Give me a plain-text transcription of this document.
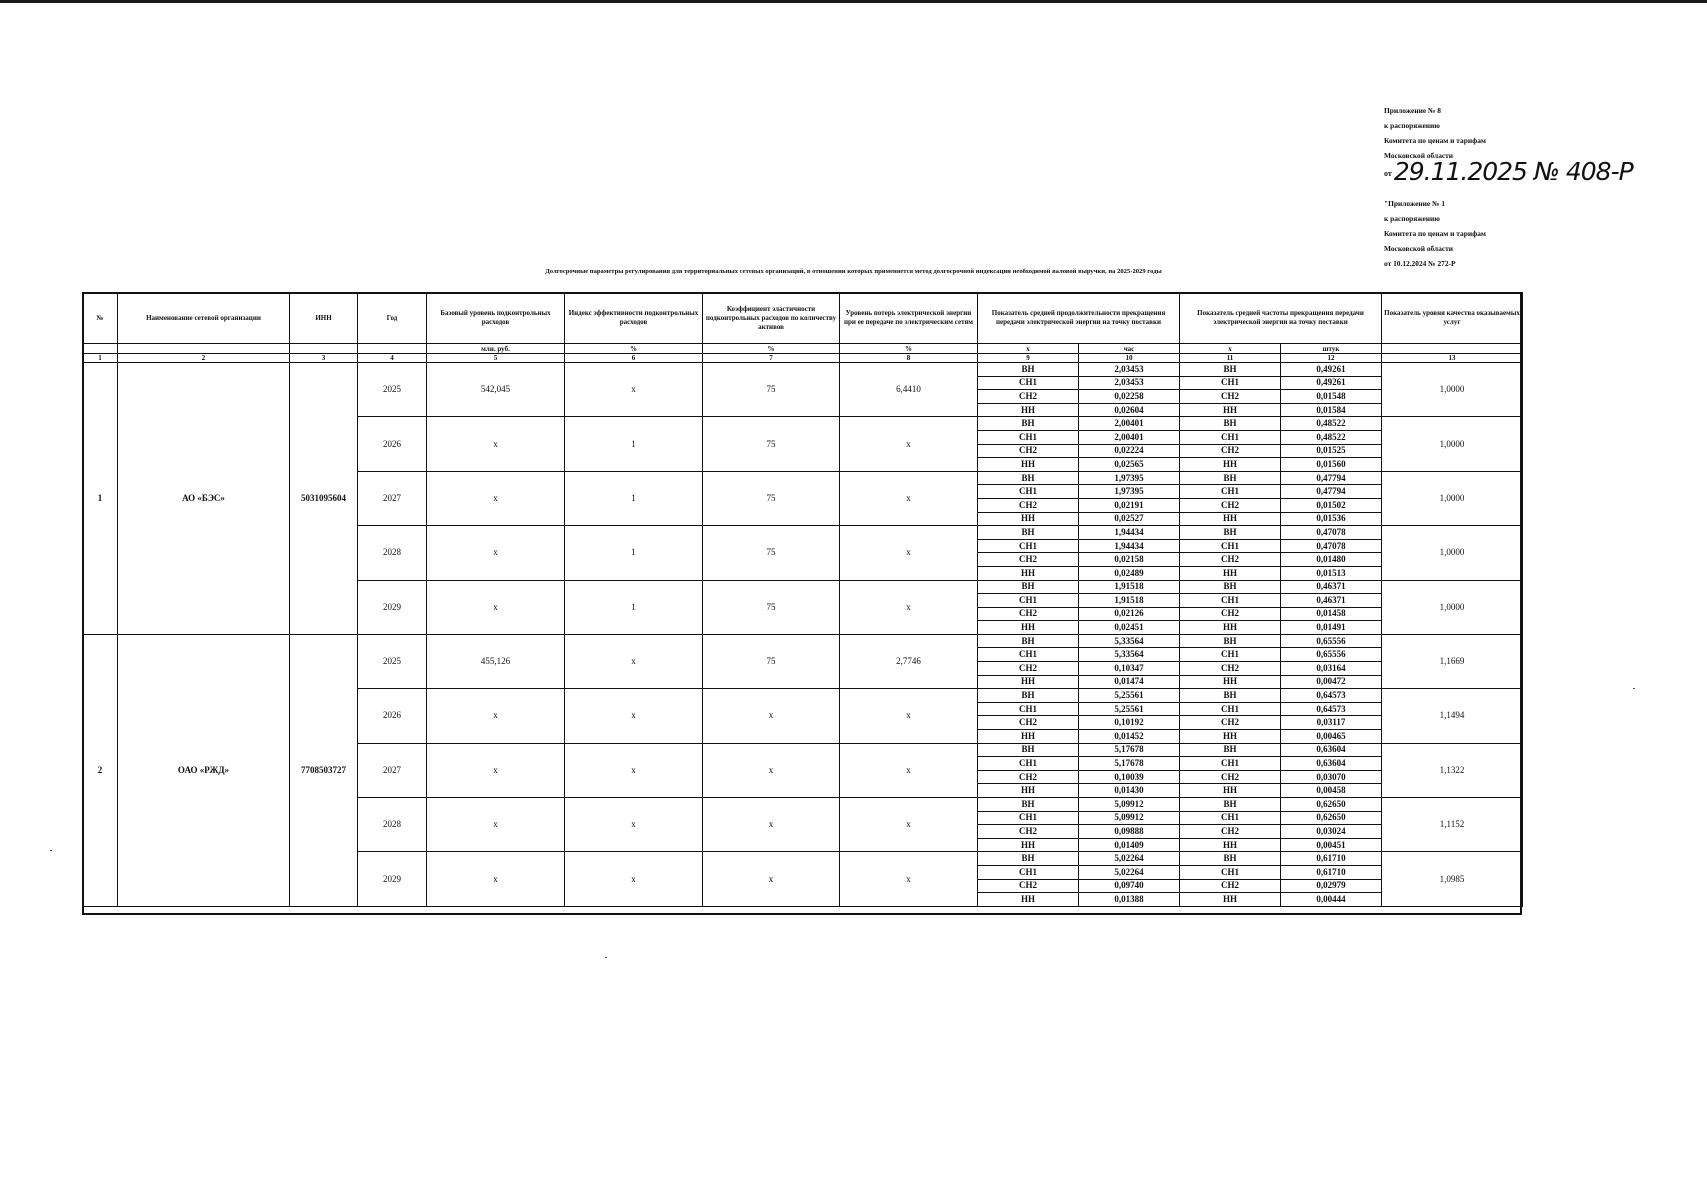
Приложение № 8
к распоряжению
Комитета по ценам и тарифам
Московской области
от 29.11.2025 № 408-Р
"Приложение № 1
к распоряжению
Комитета по ценам и тарифам
Московской области
от 10.12.2024 № 272-Р
Долгосрочные параметры регулирования для территориальных сетевых организаций, в отношении которых применяется метод долгосрочной индексации необходимой валовой выручки, на 2025-2029 годы
№	Наименование сетевой организации	ИНН	Год	Базовый уровень подконтрольных расходов	Индекс эффективности подконтрольных расходов	Коэффициент эластичности подконтрольных расходов по количеству активов	Уровень потерь электрической энергии при ее передаче по электрическим сетям	Показатель средней продолжительности прекращения передачи электрической энергии на точку поставки		Показатель средней частоты прекращения передачи электрической энергии на точку поставки		Показатель уровня качества оказываемых услуг
				млн. руб.	%	%	%	х	час	х	штук	
1	2	3	4	5	6	7	8	9	10	11	12	13
1	АО «БЭС»	5031095604	2025	542,045	х	75	6,4410	ВН	2,03453	ВН	0,49261	1,0000
								СН1	2,03453	СН1	0,49261	
								СН2	0,02258	СН2	0,01548	
								НН	0,02604	НН	0,01584	
			2026	х	1	75	х	ВН	2,00401	ВН	0,48522	1,0000
								СН1	2,00401	СН1	0,48522	
								СН2	0,02224	СН2	0,01525	
								НН	0,02565	НН	0,01560	
			2027	х	1	75	х	ВН	1,97395	ВН	0,47794	1,0000
								СН1	1,97395	СН1	0,47794	
								СН2	0,02191	СН2	0,01502	
								НН	0,02527	НН	0,01536	
			2028	х	1	75	х	ВН	1,94434	ВН	0,47078	1,0000
								СН1	1,94434	СН1	0,47078	
								СН2	0,02158	СН2	0,01480	
								НН	0,02489	НН	0,01513	
			2029	х	1	75	х	ВН	1,91518	ВН	0,46371	1,0000
								СН1	1,91518	СН1	0,46371	
								СН2	0,02126	СН2	0,01458	
								НН	0,02451	НН	0,01491	
2	ОАО «РЖД»	7708503727	2025	455,126	х	75	2,7746	ВН	5,33564	ВН	0,65556	1,1669
								СН1	5,33564	СН1	0,65556	
								СН2	0,10347	СН2	0,03164	
								НН	0,01474	НН	0,00472	
			2026	х	х	х	х	ВН	5,25561	ВН	0,64573	1,1494
								СН1	5,25561	СН1	0,64573	
								СН2	0,10192	СН2	0,03117	
								НН	0,01452	НН	0,00465	
			2027	х	х	х	х	ВН	5,17678	ВН	0,63604	1,1322
								СН1	5,17678	СН1	0,63604	
								СН2	0,10039	СН2	0,03070	
								НН	0,01430	НН	0,00458	
			2028	х	х	х	х	ВН	5,09912	ВН	0,62650	1,1152
								СН1	5,09912	СН1	0,62650	
								СН2	0,09888	СН2	0,03024	
								НН	0,01409	НН	0,00451	
			2029	х	х	х	х	ВН	5,02264	ВН	0,61710	1,0985
								СН1	5,02264	СН1	0,61710	
								СН2	0,09740	СН2	0,02979	
								НН	0,01388	НН	0,00444	
